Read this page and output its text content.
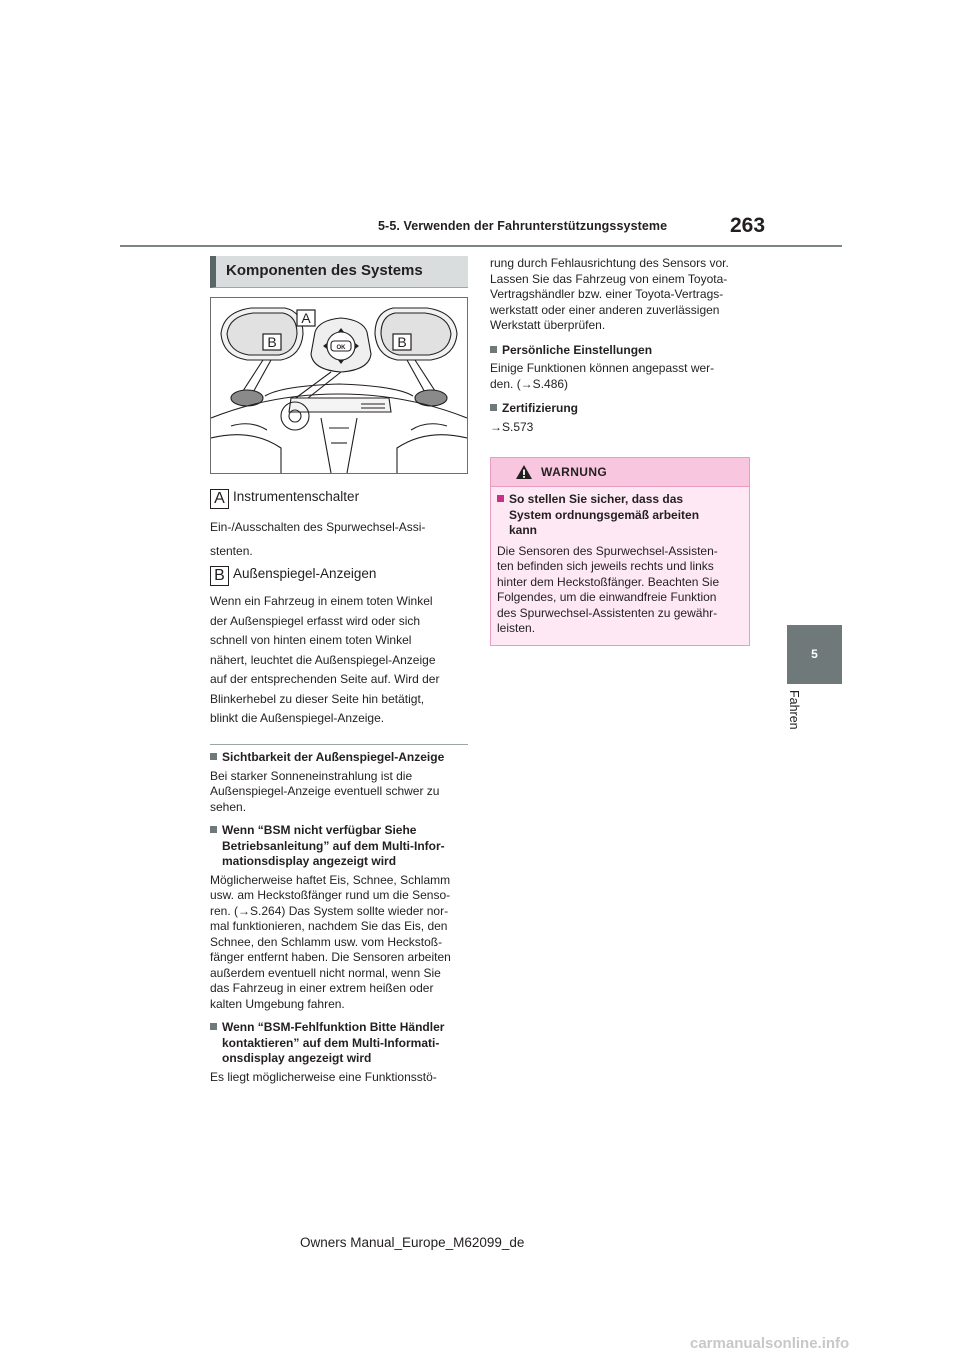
5-5. Verwenden der Fahrunterstützungssysteme	263
5
Fahren
Komponenten des Systems
A
B	B
OK
A Instrumentenschalter
Ein-/Ausschalten des Spurwechsel-Assi-
stenten.
B Außenspiegel-Anzeigen
Wenn ein Fahrzeug in einem toten Winkel
der Außenspiegel erfasst wird oder sich
schnell von hinten einem toten Winkel
nähert, leuchtet die Außenspiegel-Anzeige
auf der entsprechenden Seite auf. Wird der
Blinkerhebel zu dieser Seite hin betätigt,
blinkt die Außenspiegel-Anzeige.
Sichtbarkeit der Außenspiegel-Anzeige
Bei starker Sonneneinstrahlung ist die
Außenspiegel-Anzeige eventuell schwer zu
sehen.
Wenn “BSM nicht verfügbar Siehe
Betriebsanleitung” auf dem Multi-Infor-
mationsdisplay angezeigt wird
Möglicherweise haftet Eis, Schnee, Schlamm
usw. am Heckstoßfänger rund um die Senso-
ren. (→S.264) Das System sollte wieder nor-
mal funktionieren, nachdem Sie das Eis, den
Schnee, den Schlamm usw. vom Heckstoß-
fänger entfernt haben. Die Sensoren arbeiten
außerdem eventuell nicht normal, wenn Sie
das Fahrzeug in einer extrem heißen oder
kalten Umgebung fahren.
Wenn “BSM-Fehlfunktion Bitte Händler
kontaktieren” auf dem Multi-Informati-
onsdisplay angezeigt wird
Es liegt möglicherweise eine Funktionsstö-
rung durch Fehlausrichtung des Sensors vor.
Lassen Sie das Fahrzeug von einem Toyota-
Vertragshändler bzw. einer Toyota-Vertrags-
werkstatt oder einer anderen zuverlässigen
Werkstatt überprüfen.
Persönliche Einstellungen
Einige Funktionen können angepasst wer-
den. (→S.486)
Zertifizierung
→S.573
WARNUNG
So stellen Sie sicher, dass das
System ordnungsgemäß arbeiten
kann
Die Sensoren des Spurwechsel-Assisten-
ten befinden sich jeweils rechts und links
hinter dem Heckstoßfänger. Beachten Sie
Folgendes, um die einwandfreie Funktion
des Spurwechsel-Assistenten zu gewähr-
leisten.
Owners Manual_Europe_M62099_de
carmanualsonline.info
